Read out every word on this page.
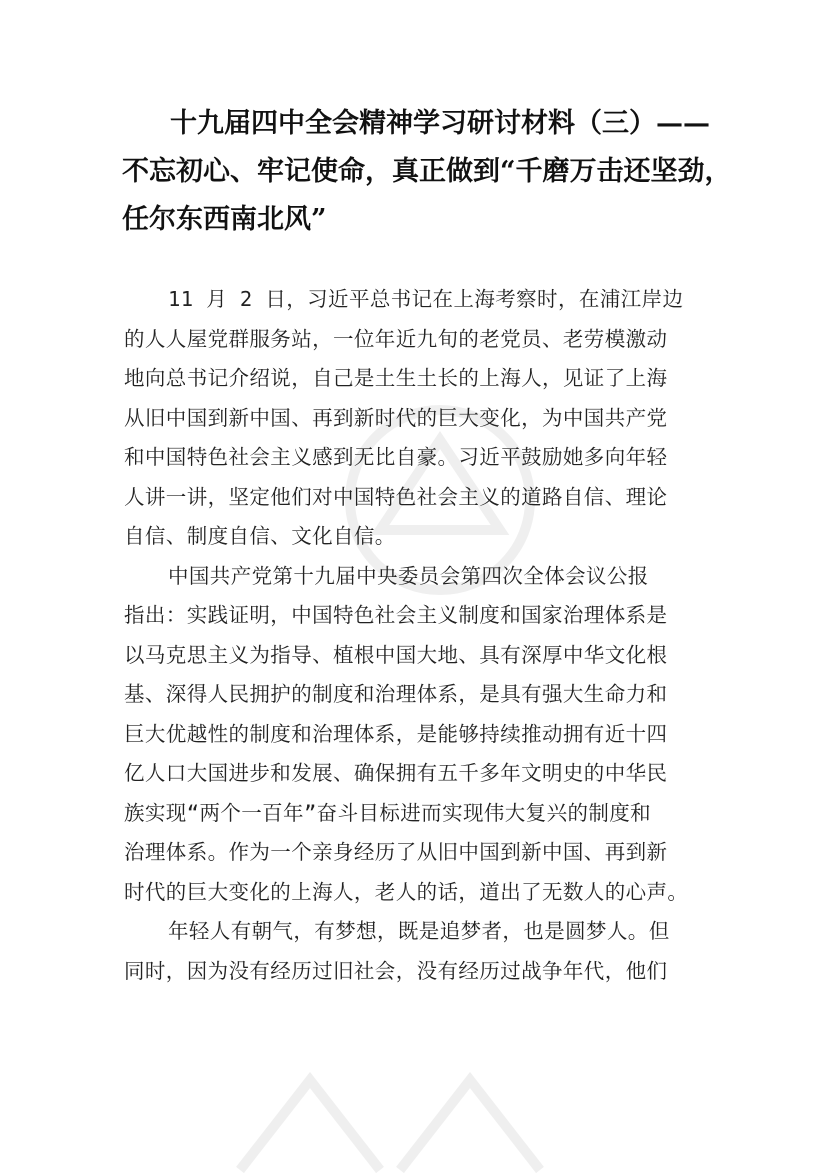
十九届四中全会精神学习研讨材料（三）——
不忘初心、牢记使命，真正做到“千磨万击还坚劲，
任尔东西南北风”
11 月 2 日，习近平总书记在上海考察时，在浦江岸边
的人人屋党群服务站，一位年近九旬的老党员、老劳模激动
地向总书记介绍说，自己是土生土长的上海人，见证了上海
从旧中国到新中国、再到新时代的巨大变化，为中国共产党
和中国特色社会主义感到无比自豪。习近平鼓励她多向年轻
人讲一讲，坚定他们对中国特色社会主义的道路自信、理论
自信、制度自信、文化自信。
中国共产党第十九届中央委员会第四次全体会议公报
指出：实践证明，中国特色社会主义制度和国家治理体系是
以马克思主义为指导、植根中国大地、具有深厚中华文化根
基、深得人民拥护的制度和治理体系，是具有强大生命力和
巨大优越性的制度和治理体系，是能够持续推动拥有近十四
亿人口大国进步和发展、确保拥有五千多年文明史的中华民
族实现“两个一百年”奋斗目标进而实现伟大复兴的制度和
治理体系。作为一个亲身经历了从旧中国到新中国、再到新
时代的巨大变化的上海人，老人的话，道出了无数人的心声。
年轻人有朝气，有梦想，既是追梦者，也是圆梦人。但
同时，因为没有经历过旧社会，没有经历过战争年代，他们
